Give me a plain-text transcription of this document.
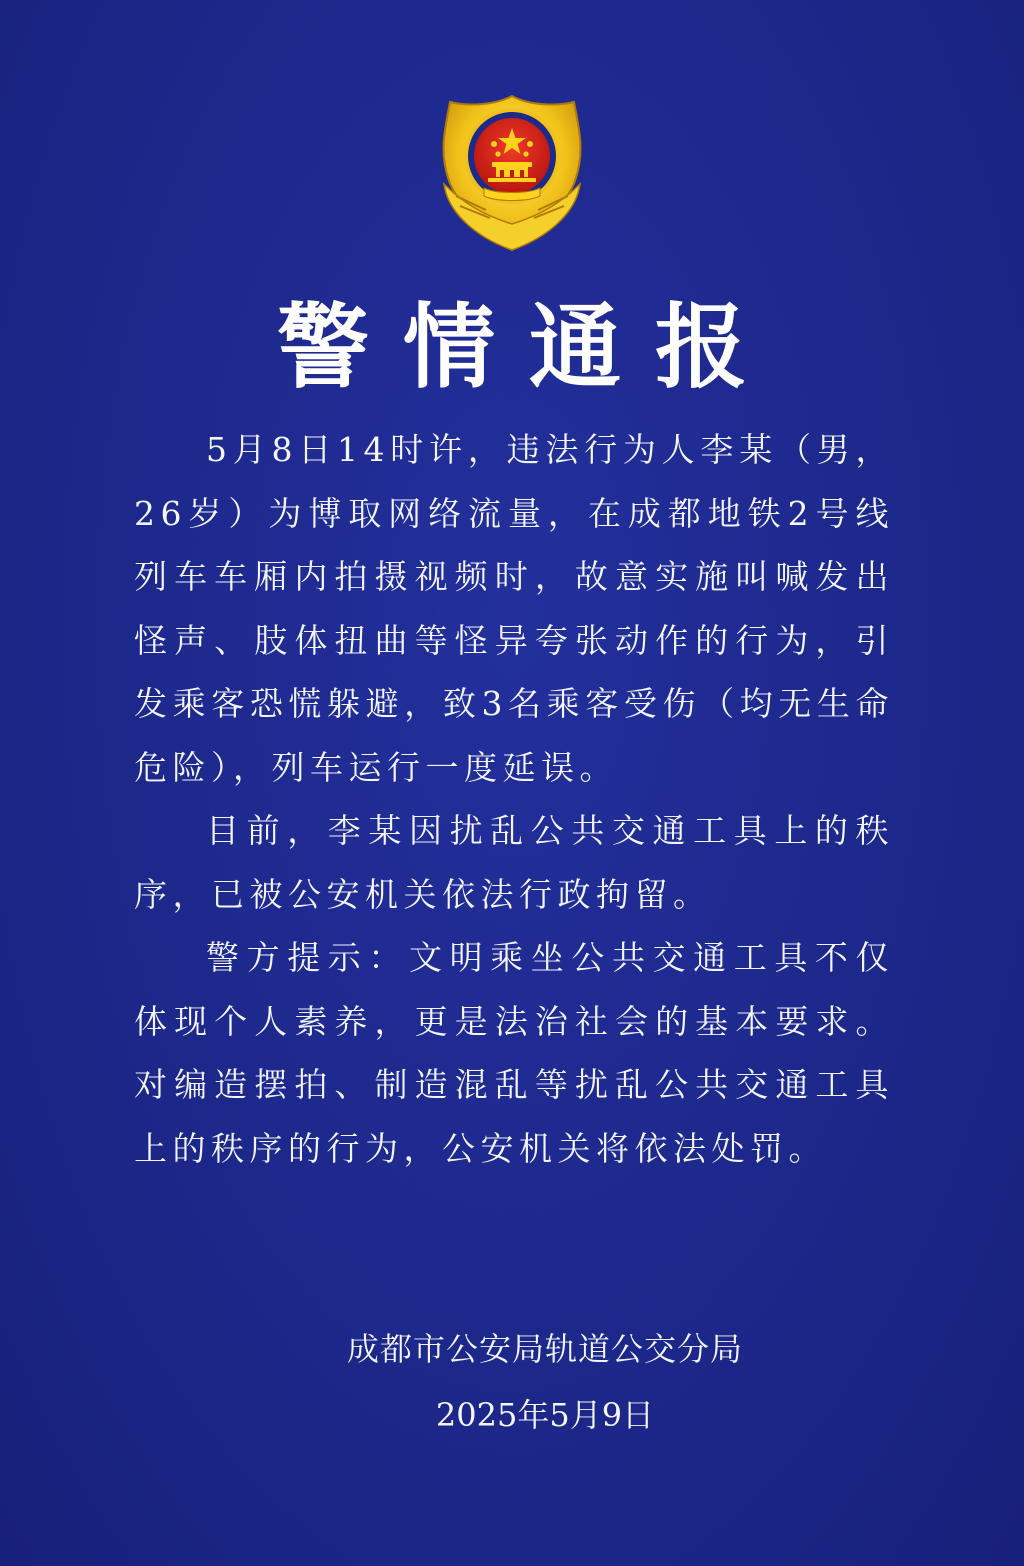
警情通报

5月8日14时许，违法行为人李某（男，26岁）为博取网络流量，在成都地铁2号线列车车厢内拍摄视频时，故意实施叫喊发出怪声、肢体扭曲等怪异夸张动作的行为，引发乘客恐慌躲避，致3名乘客受伤（均无生命危险），列车运行一度延误。

目前，李某因扰乱公共交通工具上的秩序，已被公安机关依法行政拘留。

警方提示：文明乘坐公共交通工具不仅体现个人素养，更是法治社会的基本要求。对编造摆拍、制造混乱等扰乱公共交通工具上的秩序的行为，公安机关将依法处罚。

成都市公安局轨道公交分局
2025年5月9日
